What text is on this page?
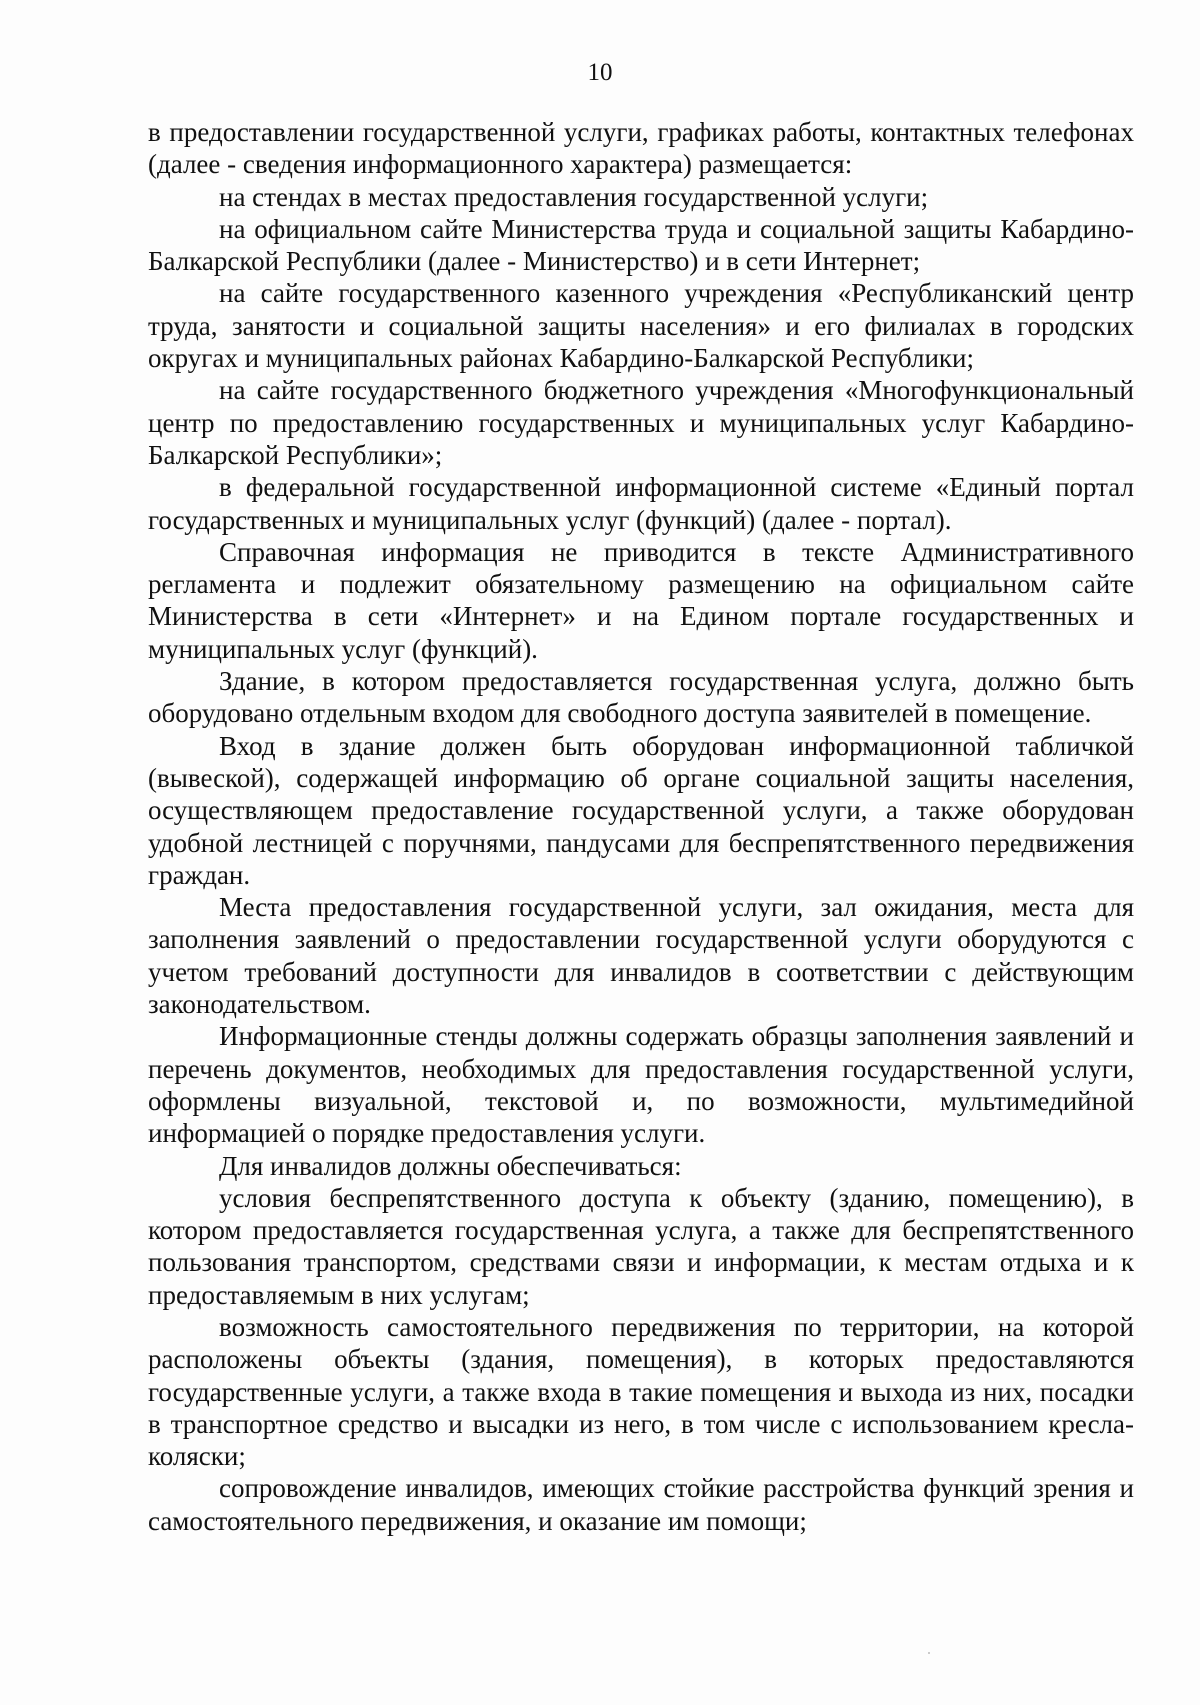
10

в предоставлении государственной услуги, графиках работы, контактных телефонах (далее - сведения информационного характера) размещается:

на стендах в местах предоставления государственной услуги;

на официальном сайте Министерства труда и социальной защиты Кабардино-Балкарской Республики (далее - Министерство) и в сети Интернет;

на сайте государственного казенного учреждения «Республиканский центр труда, занятости и социальной защиты населения» и его филиалах в городских округах и муниципальных районах Кабардино-Балкарской Республики;

на сайте государственного бюджетного учреждения «Многофункциональный центр по предоставлению государственных и муниципальных услуг Кабардино-Балкарской Республики»;

в федеральной государственной информационной системе «Единый портал государственных и муниципальных услуг (функций) (далее - портал).

Справочная информация не приводится в тексте Административного регламента и подлежит обязательному размещению на официальном сайте Министерства в сети «Интернет» и на Едином портале государственных и муниципальных услуг (функций).

Здание, в котором предоставляется государственная услуга, должно быть оборудовано отдельным входом для свободного доступа заявителей в помещение.

Вход в здание должен быть оборудован информационной табличкой (вывеской), содержащей информацию об органе социальной защиты населения, осуществляющем предоставление государственной услуги, а также оборудован удобной лестницей с поручнями, пандусами для беспрепятственного передвижения граждан.

Места предоставления государственной услуги, зал ожидания, места для заполнения заявлений о предоставлении государственной услуги оборудуются с учетом требований доступности для инвалидов в соответствии с действующим законодательством.

Информационные стенды должны содержать образцы заполнения заявлений и перечень документов, необходимых для предоставления государственной услуги, оформлены визуальной, текстовой и, по возможности, мультимедийной информацией о порядке предоставления услуги.

Для инвалидов должны обеспечиваться:

условия беспрепятственного доступа к объекту (зданию, помещению), в котором предоставляется государственная услуга, а также для беспрепятственного пользования транспортом, средствами связи и информации, к местам отдыха и к предоставляемым в них услугам;

возможность самостоятельного передвижения по территории, на которой расположены объекты (здания, помещения), в которых предоставляются государственные услуги, а также входа в такие помещения и выхода из них, посадки в транспортное средство и высадки из него, в том числе с использованием кресла-коляски;

сопровождение инвалидов, имеющих стойкие расстройства функций зрения и самостоятельного передвижения, и оказание им помощи;
